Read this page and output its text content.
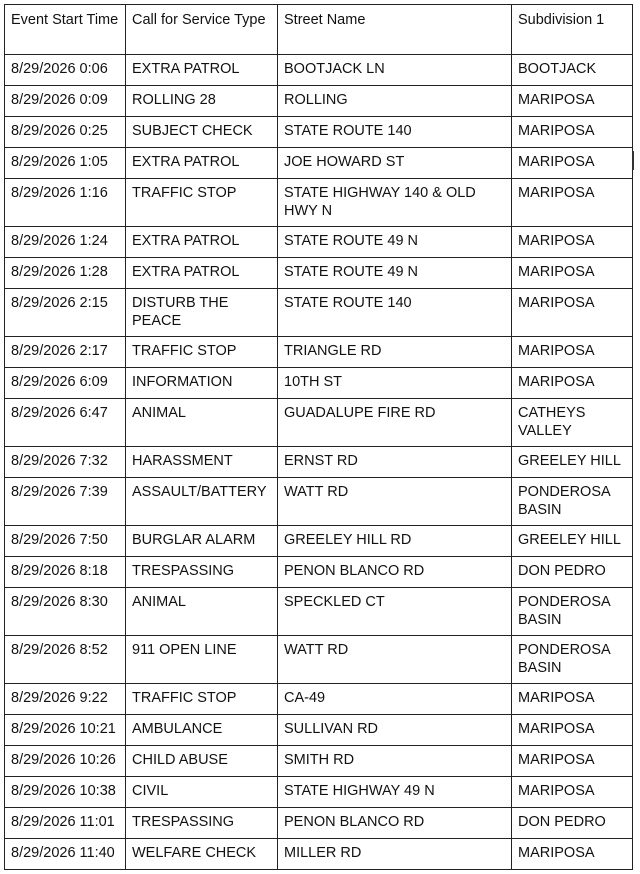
Event Start Time	Call for Service Type	Street Name	Subdivision 1
8/29/2026 0:06	EXTRA PATROL	BOOTJACK LN	BOOTJACK
8/29/2026 0:09	ROLLING 28	ROLLING	MARIPOSA
8/29/2026 0:25	SUBJECT CHECK	STATE ROUTE 140	MARIPOSA
8/29/2026 1:05	EXTRA PATROL	JOE HOWARD ST	MARIPOSA
8/29/2026 1:16	TRAFFIC STOP	STATE HIGHWAY 140 & OLD HWY N	MARIPOSA
8/29/2026 1:24	EXTRA PATROL	STATE ROUTE 49 N	MARIPOSA
8/29/2026 1:28	EXTRA PATROL	STATE ROUTE 49 N	MARIPOSA
8/29/2026 2:15	DISTURB THE PEACE	STATE ROUTE 140	MARIPOSA
8/29/2026 2:17	TRAFFIC STOP	TRIANGLE RD	MARIPOSA
8/29/2026 6:09	INFORMATION	10TH ST	MARIPOSA
8/29/2026 6:47	ANIMAL	GUADALUPE FIRE RD	CATHEYS VALLEY
8/29/2026 7:32	HARASSMENT	ERNST RD	GREELEY HILL
8/29/2026 7:39	ASSAULT/BATTERY	WATT RD	PONDEROSA BASIN
8/29/2026 7:50	BURGLAR ALARM	GREELEY HILL RD	GREELEY HILL
8/29/2026 8:18	TRESPASSING	PENON BLANCO RD	DON PEDRO
8/29/2026 8:30	ANIMAL	SPECKLED CT	PONDEROSA BASIN
8/29/2026 8:52	911 OPEN LINE	WATT RD	PONDEROSA BASIN
8/29/2026 9:22	TRAFFIC STOP	CA-49	MARIPOSA
8/29/2026 10:21	AMBULANCE	SULLIVAN RD	MARIPOSA
8/29/2026 10:26	CHILD ABUSE	SMITH RD	MARIPOSA
8/29/2026 10:38	CIVIL	STATE HIGHWAY 49 N	MARIPOSA
8/29/2026 11:01	TRESPASSING	PENON BLANCO RD	DON PEDRO
8/29/2026 11:40	WELFARE CHECK	MILLER RD	MARIPOSA
